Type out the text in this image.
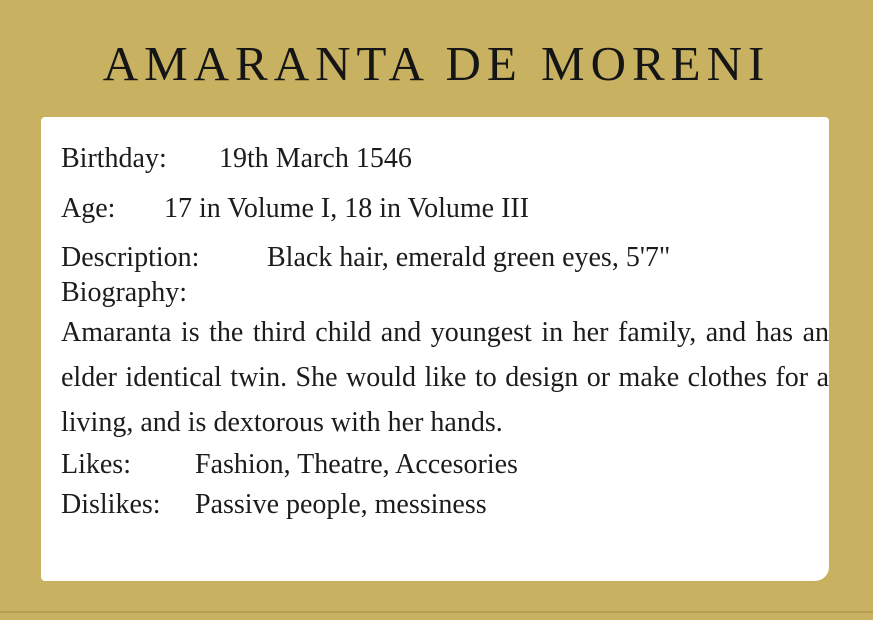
AMARANTA DE MORENI
Birthday: 19th March 1546
Age: 17 in Volume I, 18 in Volume III
Description: Black hair, emerald green eyes, 5'7"
Biography:
Amaranta is the third child and youngest in her family, and has an elder identical twin. She would like to design or make clothes for a living, and is dextorous with her hands.
Likes: Fashion, Theatre, Accesories
Dislikes: Passive people, messiness
